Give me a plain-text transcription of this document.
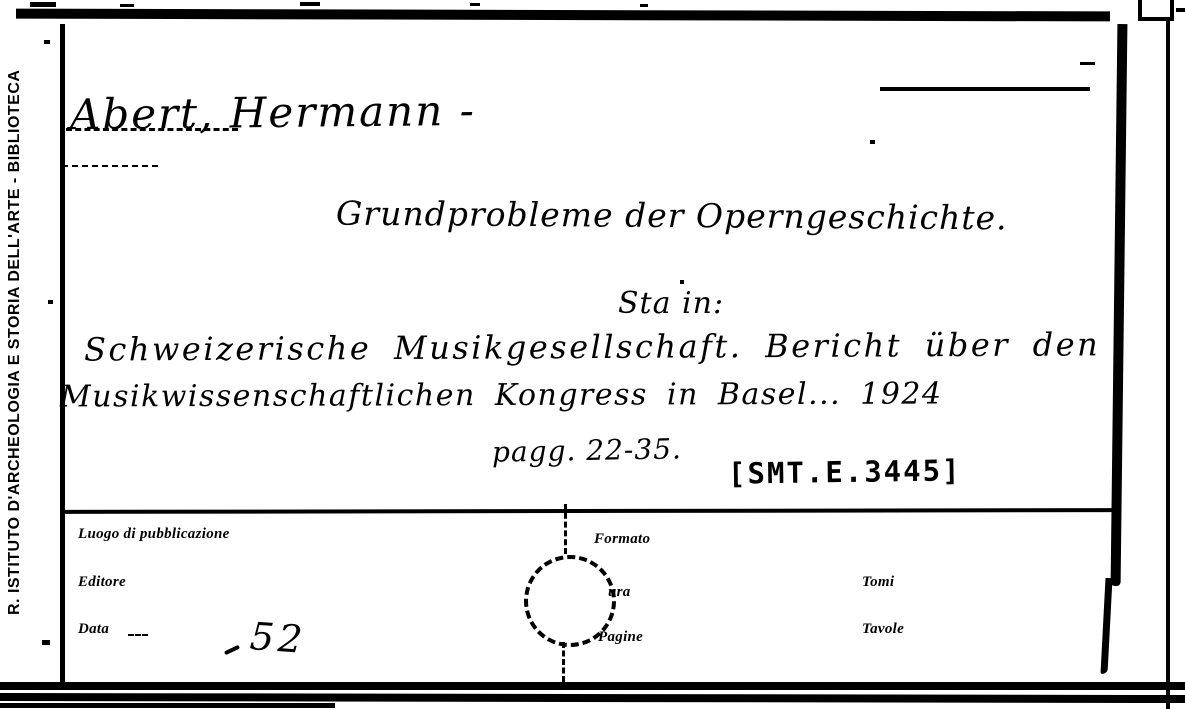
R. ISTITUTO D'ARCHEOLOGIA E STORIA DELL'ARTE - BIBLIOTECA Abert, Hermann -
Grundprobleme der Operngeschichte.
Sta in:
Schweizerische Musikgesellschaft. Bericht über den
Musikwissenschaftlichen Kongress in Basel... 1924
pagg. 22-35.
[SMT.E.3445]
52
Luogo di pubblicazione
Editore
Data
Formato
ura
Pagine
Tomi
Tavole
